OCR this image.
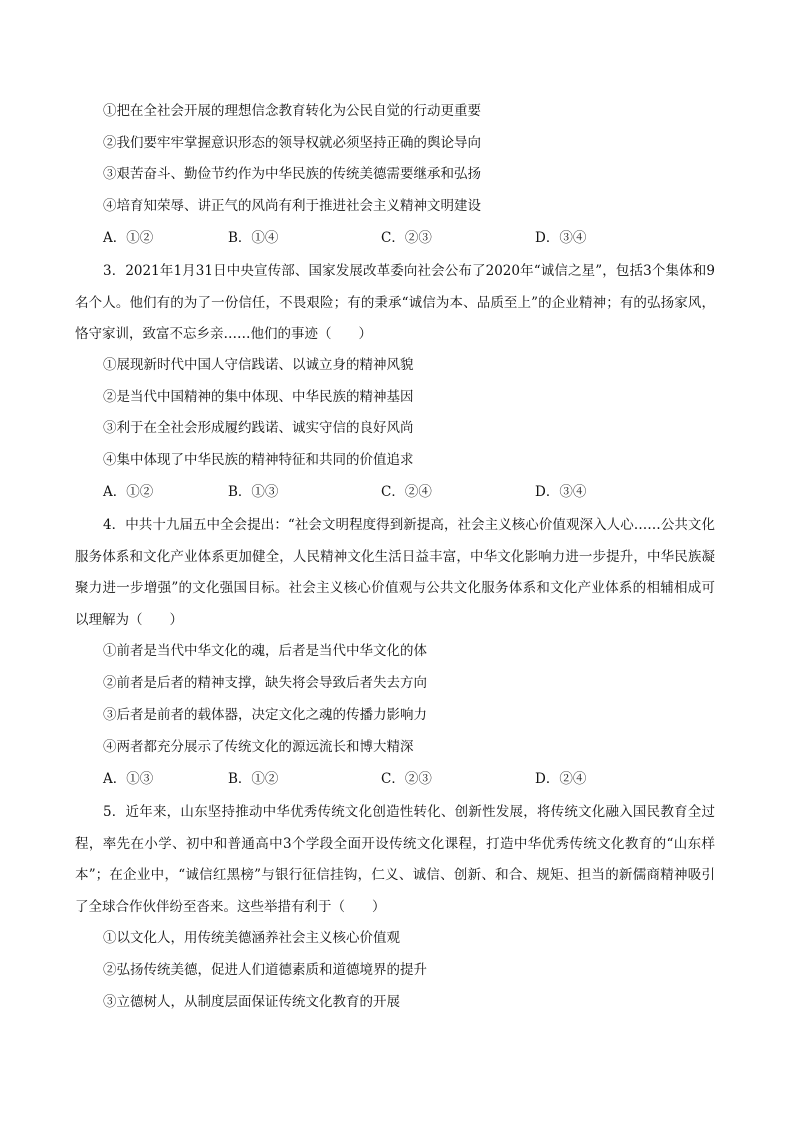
①把在全社会开展的理想信念教育转化为公民自觉的行动更重要
②我们要牢牢掌握意识形态的领导权就必须坚持正确的舆论导向
③艰苦奋斗、勤俭节约作为中华民族的传统美德需要继承和弘扬
④培育知荣辱、讲正气的风尚有利于推进社会主义精神文明建设
A．①②	B．①④	C．②③	D．③④
3．2021年1月31日中央宣传部、国家发展改革委向社会公布了2020年“诚信之星”，包括3个集体和9名个人。他们有的为了一份信任，不畏艰险；有的秉承“诚信为本、品质至上”的企业精神；有的弘扬家风，恪守家训，致富不忘乡亲……他们的事迹（　　）
①展现新时代中国人守信践诺、以诚立身的精神风貌
②是当代中国精神的集中体现、中华民族的精神基因
③利于在全社会形成履约践诺、诚实守信的良好风尚
④集中体现了中华民族的精神特征和共同的价值追求
A．①②	B．①③	C．②④	D．③④
4．中共十九届五中全会提出：“社会文明程度得到新提高，社会主义核心价值观深入人心……公共文化服务体系和文化产业体系更加健全，人民精神文化生活日益丰富，中华文化影响力进一步提升，中华民族凝聚力进一步增强”的文化强国目标。社会主义核心价值观与公共文化服务体系和文化产业体系的相辅相成可以理解为（　　）
①前者是当代中华文化的魂，后者是当代中华文化的体
②前者是后者的精神支撑，缺失将会导致后者失去方向
③后者是前者的载体器，决定文化之魂的传播力影响力
④两者都充分展示了传统文化的源远流长和博大精深
A．①③	B．①②	C．②③	D．②④
5．近年来，山东坚持推动中华优秀传统文化创造性转化、创新性发展，将传统文化融入国民教育全过程，率先在小学、初中和普通高中3个学段全面开设传统文化课程，打造中华优秀传统文化教育的“山东样本”；在企业中，“诚信红黑榜”与银行征信挂钩，仁义、诚信、创新、和合、规矩、担当的新儒商精神吸引了全球合作伙伴纷至沓来。这些举措有利于（　　）
①以文化人，用传统美德涵养社会主义核心价值观
②弘扬传统美德，促进人们道德素质和道德境界的提升
③立德树人，从制度层面保证传统文化教育的开展
